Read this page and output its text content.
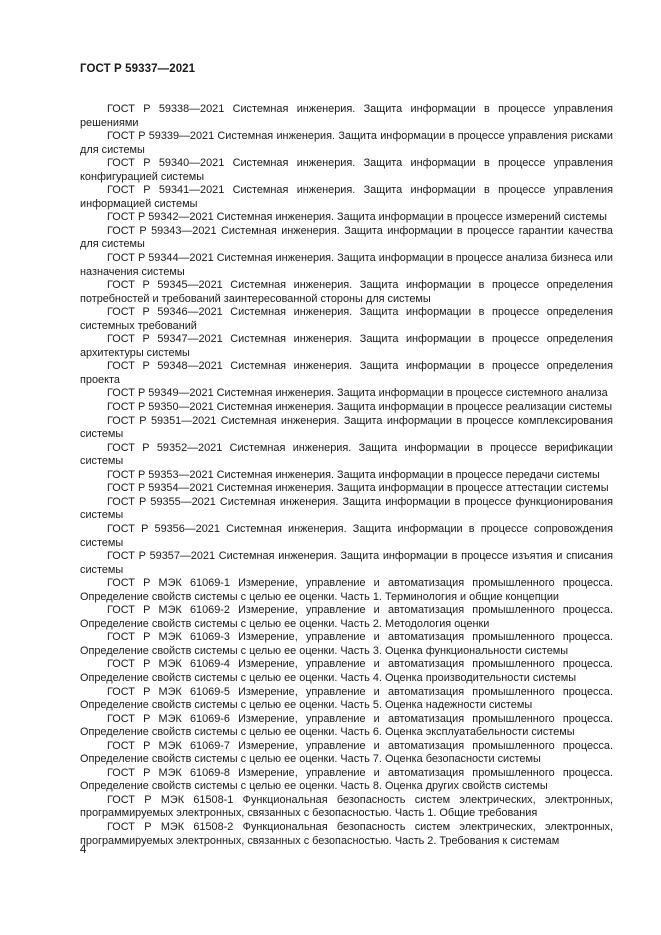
ГОСТ Р 59337—2021

ГОСТ Р 59338—2021 Системная инженерия. Защита информации в процессе управления решениями

ГОСТ Р 59339—2021 Системная инженерия. Защита информации в процессе управления рисками для системы

ГОСТ Р 59340—2021 Системная инженерия. Защита информации в процессе управления конфигурацией системы

ГОСТ Р 59341—2021 Системная инженерия. Защита информации в процессе управления информацией системы

ГОСТ Р 59342—2021 Системная инженерия. Защита информации в процессе измерений системы

ГОСТ Р 59343—2021 Системная инженерия. Защита информации в процессе гарантии качества для системы

ГОСТ Р 59344—2021 Системная инженерия. Защита информации в процессе анализа бизнеса или назначения системы

ГОСТ Р 59345—2021 Системная инженерия. Защита информации в процессе определения потребностей и требований заинтересованной стороны для системы

ГОСТ Р 59346—2021 Системная инженерия. Защита информации в процессе определения системных требований

ГОСТ Р 59347—2021 Системная инженерия. Защита информации в процессе определения архитектуры системы

ГОСТ Р 59348—2021 Системная инженерия. Защита информации в процессе определения проекта

ГОСТ Р 59349—2021 Системная инженерия. Защита информации в процессе системного анализа

ГОСТ Р 59350—2021 Системная инженерия. Защита информации в процессе реализации системы

ГОСТ Р 59351—2021 Системная инженерия. Защита информации в процессе комплексирования системы

ГОСТ Р 59352—2021 Системная инженерия. Защита информации в процессе верификации системы

ГОСТ Р 59353—2021 Системная инженерия. Защита информации в процессе передачи системы

ГОСТ Р 59354—2021 Системная инженерия. Защита информации в процессе аттестации системы

ГОСТ Р 59355—2021 Системная инженерия. Защита информации в процессе функционирования системы

ГОСТ Р 59356—2021 Системная инженерия. Защита информации в процессе сопровождения системы

ГОСТ Р 59357—2021 Системная инженерия. Защита информации в процессе изъятия и списания системы

ГОСТ Р МЭК 61069-1 Измерение, управление и автоматизация промышленного процесса. Определение свойств системы с целью ее оценки. Часть 1. Терминология и общие концепции

ГОСТ Р МЭК 61069-2 Измерение, управление и автоматизация промышленного процесса. Определение свойств системы с целью ее оценки. Часть 2. Методология оценки

ГОСТ Р МЭК 61069-3 Измерение, управление и автоматизация промышленного процесса. Определение свойств системы с целью ее оценки. Часть 3. Оценка функциональности системы

ГОСТ Р МЭК 61069-4 Измерение, управление и автоматизация промышленного процесса. Определение свойств системы с целью ее оценки. Часть 4. Оценка производительности системы

ГОСТ Р МЭК 61069-5 Измерение, управление и автоматизация промышленного процесса. Определение свойств системы с целью ее оценки. Часть 5. Оценка надежности системы

ГОСТ Р МЭК 61069-6 Измерение, управление и автоматизация промышленного процесса. Определение свойств системы с целью ее оценки. Часть 6. Оценка эксплуатабельности системы

ГОСТ Р МЭК 61069-7 Измерение, управление и автоматизация промышленного процесса. Определение свойств системы с целью ее оценки. Часть 7. Оценка безопасности системы

ГОСТ Р МЭК 61069-8 Измерение, управление и автоматизация промышленного процесса. Определение свойств системы с целью ее оценки. Часть 8. Оценка других свойств системы

ГОСТ Р МЭК 61508-1 Функциональная безопасность систем электрических, электронных, программируемых электронных, связанных с безопасностью. Часть 1. Общие требования

ГОСТ Р МЭК 61508-2 Функциональная безопасность систем электрических, электронных, программируемых электронных, связанных с безопасностью. Часть 2. Требования к системам

4
